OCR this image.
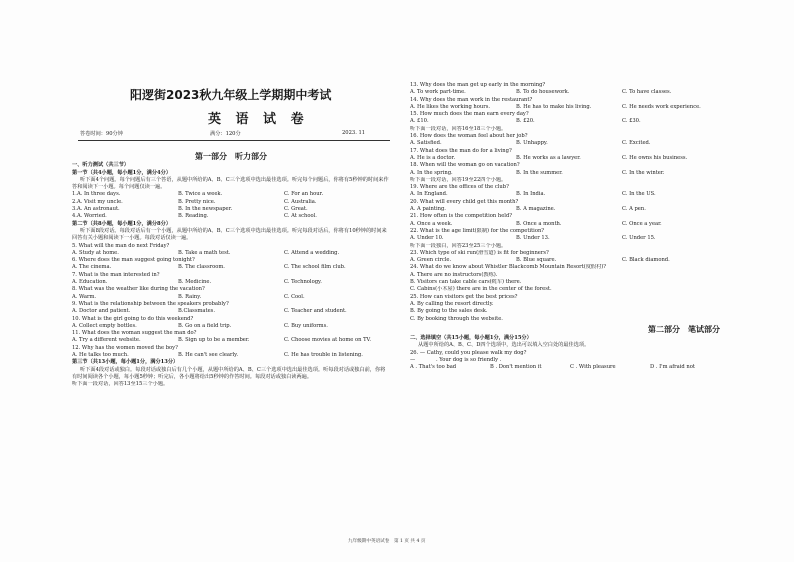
阳逻街2023秋九年级上学期期中考试
英 语 试 卷
答卷时间：90分钟	满分：120分	2023. 11
第一部分　听力部分
一、听力测试（共三节）
第一节（共4小题，每小题1分，满分4分）
听下面4个问题。每个问题后有三个答语，从题中所给的A、B、C三个选项中选出最佳选项。听完每个问题后，你将有5秒钟的时间来作答和阅读下一小题。每个问题仅读一遍。
1.A. In three days.	B. Twice a week.	C. For an hour.
2.A. Visit my uncle.	B. Pretty nice.	C. Australia.
3.A. An astronaut.	B. In the newspaper.	C. Great.
4.A. Worried.	B. Reading.	C. At school.
第二节（共8小题，每小题1分，满分8分）
听下面8段对话。每段对话后有一个小题，从题中所给的A、B、C三个选项中选出最佳选项。听完每段对话后，你将有10秒钟的时间来回答有关小题和阅读下一小题。每段对话仅读一遍。
5. What will the man do next Friday?
A. Study at home.	B. Take a math test.	C. Attend a wedding.
6. Where does the man suggest going tonight?
A. The cinema.	B. The classroom.	C. The school film club.
7. What is the man interested in?
A. Education.	B. Medicine.	C. Technology.
8. What was the weather like during the vacation?
A. Warm.	B. Rainy.	C. Cool.
9. What is the relationship between the speakers probably?
A. Doctor and patient.	B.Classmates.	C. Teacher and student.
10. What is the girl going to do this weekend?
A. Collect empty bottles.	B. Go on a field trip.	C. Buy uniforms.
11. What does the woman suggest the man do?
A. Try a different website.	B. Sign up to be a member.	C. Choose movies at home on TV.
12. Why has the women moved the boy?
A. He talks too much.	B. He can't see clearly.	C. He has trouble in listening.
第三节（共13小题，每小题1分，满分13分）
听下面4段对话或独白。每段对话或独白后有几个小题，从题中所给的A、B、C三个选项中选出最佳选项。听每段对话或独白前，你将有时间阅读各个小题，每小题5秒钟；听完后，各小题将给出5秒钟的作答时间。每段对话或独白读两遍。
听下面一段对话，回答13至15三个小题。
13. Why does the man get up early in the morning?
A. To work part-time.	B. To do housework.	C. To have classes.
14. Why does the man work in the restaurant?
A. He likes the working hours.	B. He has to make his living.	C. He needs work experience.
15. How much does the man earn every day?
A. £10.	B. £20.	C. £30.
听下面一段对话，回答16至18三个小题。
16. How does the woman feel about her job?
A. Satisfied.	B. Unhappy.	C. Excited.
17. What does the man do for a living?
A. He is a doctor.	B. He works as a lawyer.	C. He owns his business.
18. When will the woman go on vacation?
A. In the spring.	B. In the summer.	C. In the winter.
听下面一段对话，回答19至22四个小题。
19. Where are the offices of the club?
A. In England.	B. In India.	C. In the US.
20. What will every child get this month?
A. A painting.	B. A magazine.	C. A pen.
21. How often is the competition held?
A. Once a week.	B. Once a month.	C. Once a year.
22. What is the age limit(限制) for the competition?
A. Under 10.	B. Under 13.	C. Under 15.
听下面一段独白，回答23至25三个小题。
23. Which type of ski run(滑雪道) is fit for beginners?
A. Green circle.	B. Blue square.	C. Black diamond.
24. What do we know about Whistler Blackcomb Mountain Resort(度假村)?
A. There are no instructors(教练).
B. Visitors can take cable cars(缆车) there.
C. Cabins(小木屋) there are in the center of the forest.
25. How can visitors get the best prices?
A. By calling the resort directly.
B. By going to the sales desk.
C. By booking through the website.
第二部分　笔试部分
二、选择填空（共15小题，每小题1分，满分15分）
从题中所给的A、B、C、D四个选项中，选出可以填入空白处的最佳选项。
26. — Cathy, could you please walk my dog?
—　　　　. Your dog is so friendly .
A . That's too bad	B . Don't mention it	C . With pleasure	D . I'm afraid not
九年级期中英语试卷　第 1 页 共 4 页
